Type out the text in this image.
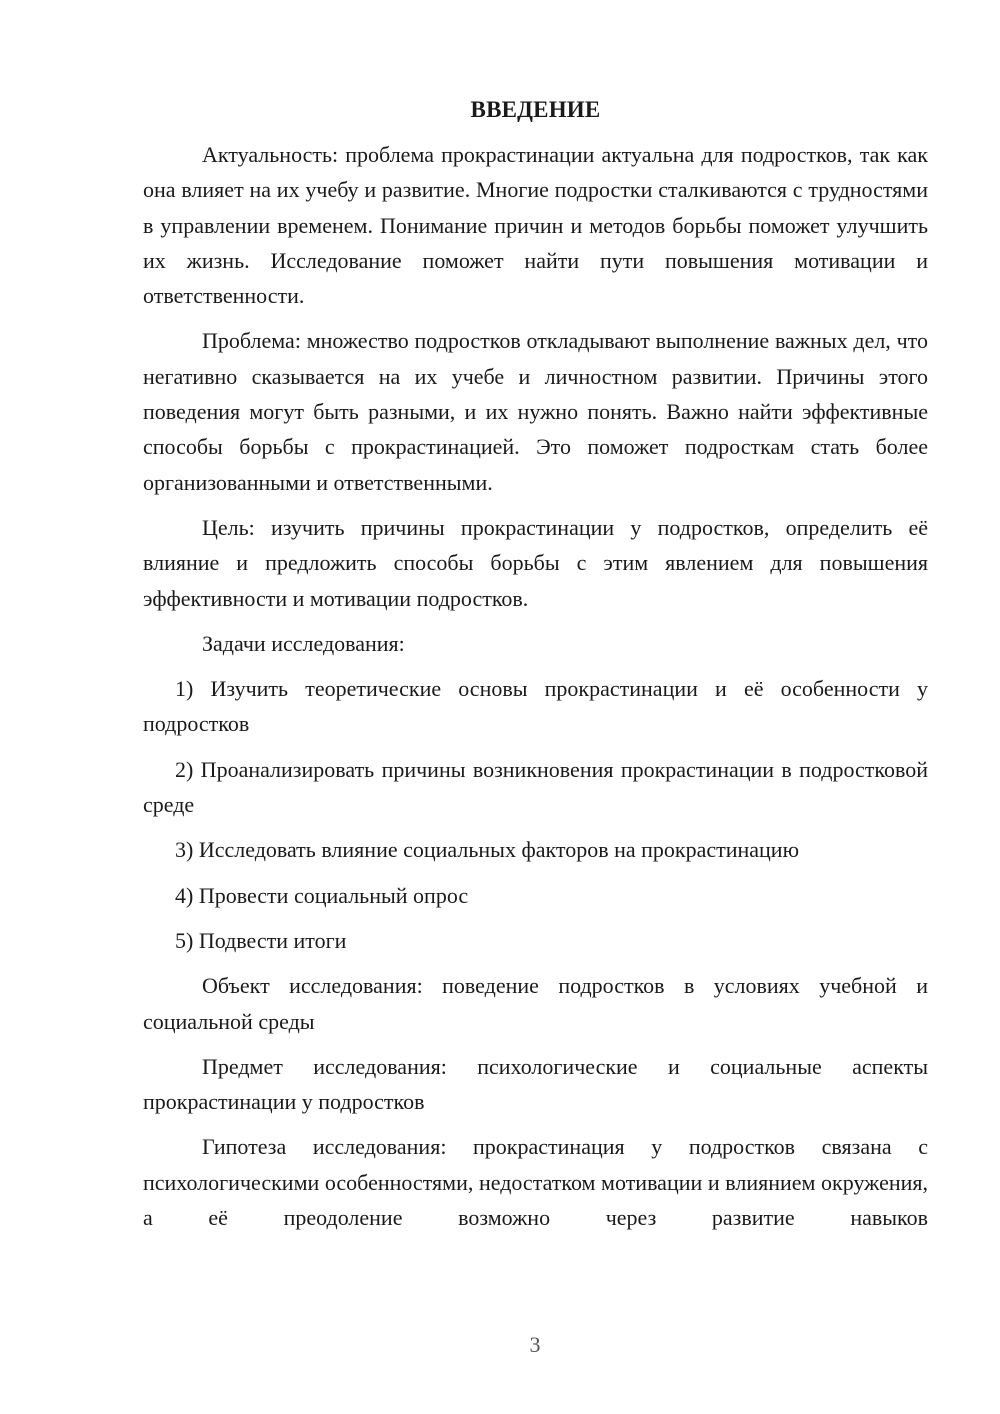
ВВЕДЕНИЕ

Актуальность: проблема прокрастинации актуальна для подростков, так как она влияет на их учебу и развитие. Многие подростки сталкиваются с трудностями в управлении временем. Понимание причин и методов борьбы поможет улучшить их жизнь. Исследование поможет найти пути повышения мотивации и ответственности.

Проблема: множество подростков откладывают выполнение важных дел, что негативно сказывается на их учебе и личностном развитии. Причины этого поведения могут быть разными, и их нужно понять. Важно найти эффективные способы борьбы с прокрастинацией. Это поможет подросткам стать более организованными и ответственными.

Цель: изучить причины прокрастинации у подростков, определить её влияние и предложить способы борьбы с этим явлением для повышения эффективности и мотивации подростков.

Задачи исследования:

1) Изучить теоретические основы прокрастинации и её особенности у подростков

2) Проанализировать причины возникновения прокрастинации в подростковой среде

3) Исследовать влияние социальных факторов на прокрастинацию

4) Провести социальный опрос

5) Подвести итоги

Объект исследования: поведение подростков в условиях учебной и социальной среды

Предмет исследования: психологические и социальные аспекты прокрастинации у подростков

Гипотеза исследования: прокрастинация у подростков связана с психологическими особенностями, недостатком мотивации и влиянием окружения, а её преодоление возможно через развитие навыков

3
